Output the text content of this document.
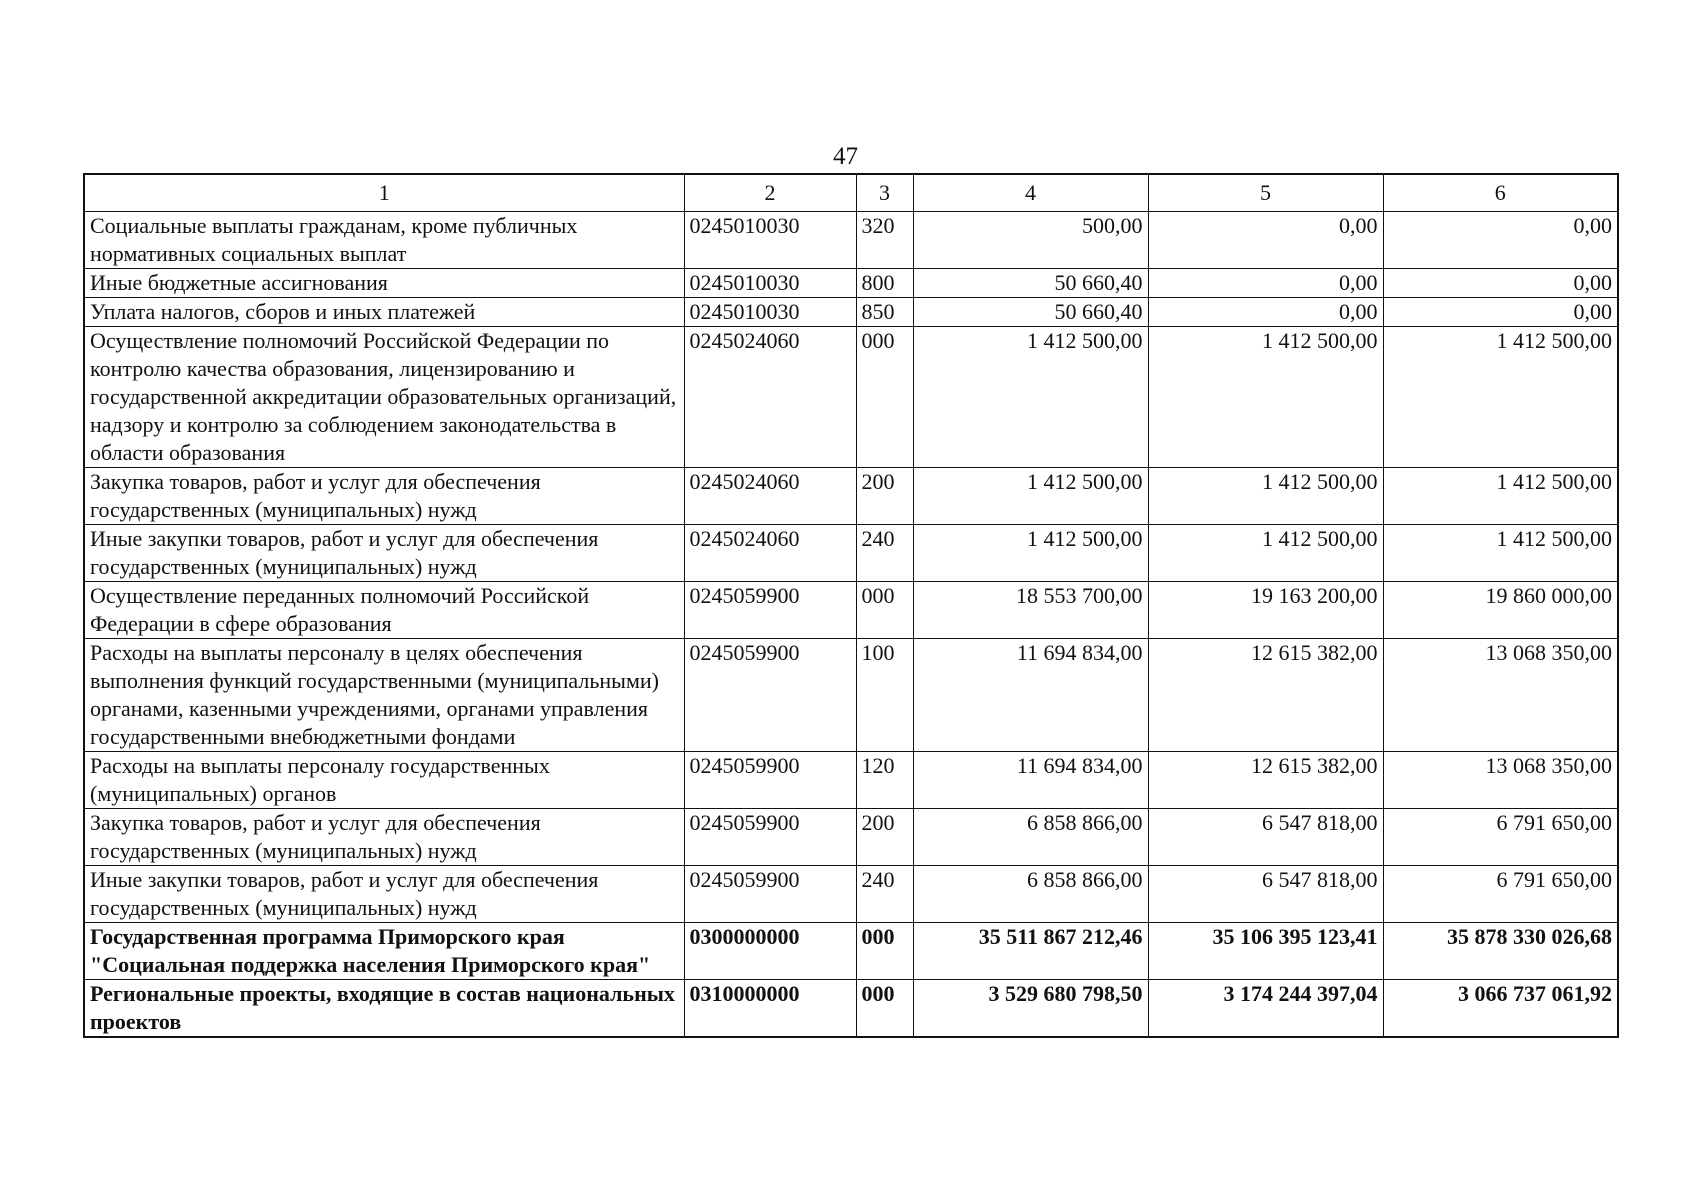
47
1	2	3	4	5	6
Социальные выплаты гражданам, кроме публичных нормативных социальных выплат	0245010030	320	500,00	0,00	0,00
Иные бюджетные ассигнования	0245010030	800	50 660,40	0,00	0,00
Уплата налогов, сборов и иных платежей	0245010030	850	50 660,40	0,00	0,00
Осуществление полномочий Российской Федерации по контролю качества образования, лицензированию и государственной аккредитации образовательных организаций, надзору и контролю за соблюдением законодательства в области образования	0245024060	000	1 412 500,00	1 412 500,00	1 412 500,00
Закупка товаров, работ и услуг для обеспечения государственных (муниципальных) нужд	0245024060	200	1 412 500,00	1 412 500,00	1 412 500,00
Иные закупки товаров, работ и услуг для обеспечения государственных (муниципальных) нужд	0245024060	240	1 412 500,00	1 412 500,00	1 412 500,00
Осуществление переданных полномочий Российской Федерации в сфере образования	0245059900	000	18 553 700,00	19 163 200,00	19 860 000,00
Расходы на выплаты персоналу в целях обеспечения выполнения функций государственными (муниципальными) органами, казенными учреждениями, органами управления государственными внебюджетными фондами	0245059900	100	11 694 834,00	12 615 382,00	13 068 350,00
Расходы на выплаты персоналу государственных (муниципальных) органов	0245059900	120	11 694 834,00	12 615 382,00	13 068 350,00
Закупка товаров, работ и услуг для обеспечения государственных (муниципальных) нужд	0245059900	200	6 858 866,00	6 547 818,00	6 791 650,00
Иные закупки товаров, работ и услуг для обеспечения государственных (муниципальных) нужд	0245059900	240	6 858 866,00	6 547 818,00	6 791 650,00
Государственная программа Приморского края "Социальная поддержка населения Приморского края"	0300000000	000	35 511 867 212,46	35 106 395 123,41	35 878 330 026,68
Региональные проекты, входящие в состав национальных проектов	0310000000	000	3 529 680 798,50	3 174 244 397,04	3 066 737 061,92
